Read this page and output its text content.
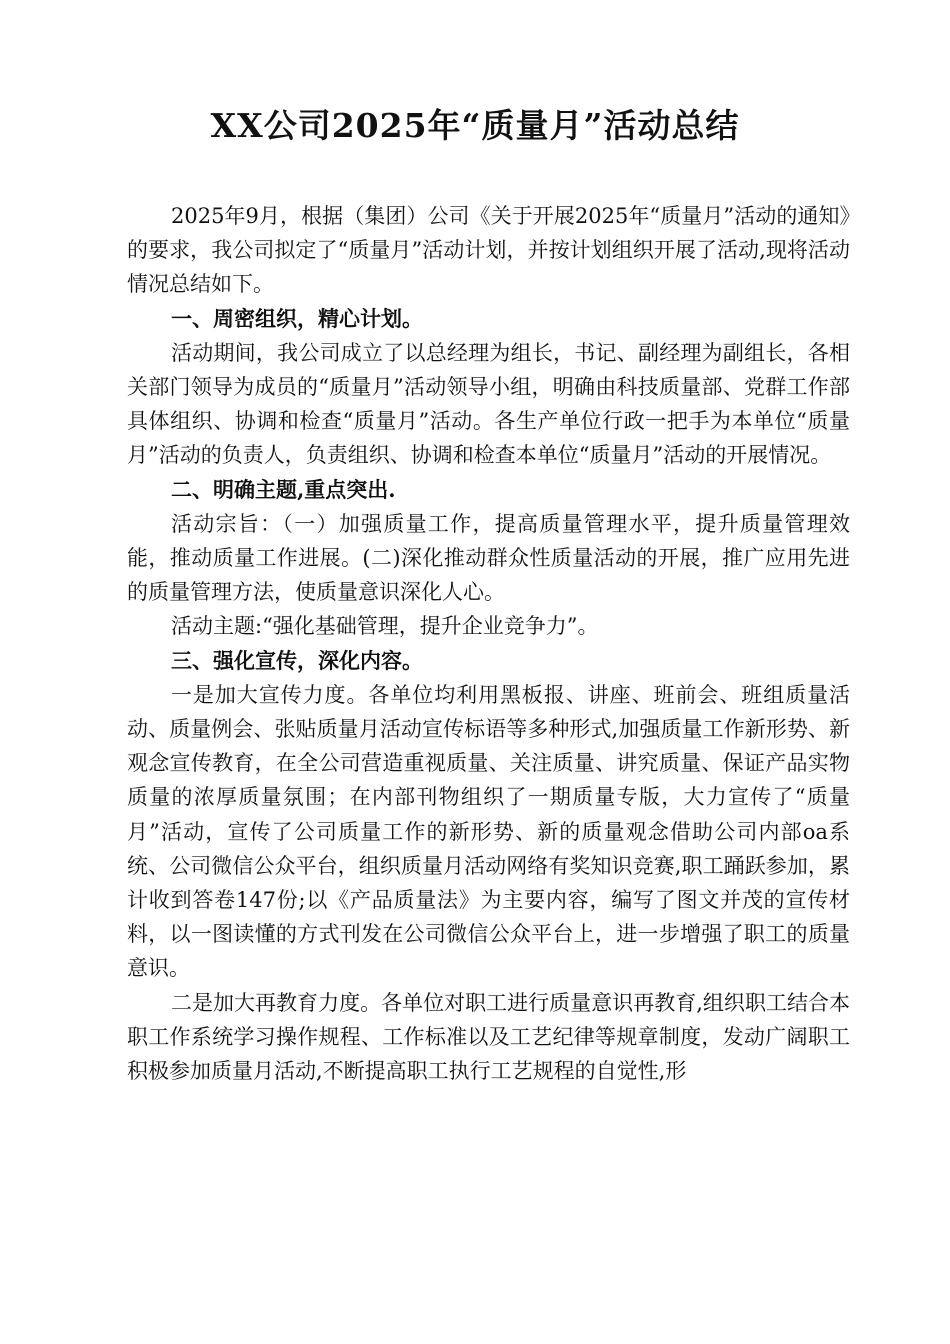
XX公司2025年“质量月”活动总结

2025年9月，根据（集团）公司《关于开展2025年“质量月”活动的通知》的要求，我公司拟定了“质量月”活动计划，并按计划组织开展了活动,现将活动情况总结如下。

一、周密组织，精心计划。

活动期间，我公司成立了以总经理为组长，书记、副经理为副组长，各相关部门领导为成员的“质量月”活动领导小组，明确由科技质量部、党群工作部具体组织、协调和检查“质量月”活动。各生产单位行政一把手为本单位“质量月”活动的负责人，负责组织、协调和检查本单位“质量月”活动的开展情况。

二、明确主题,重点突出.

活动宗旨：（一）加强质量工作，提高质量管理水平，提升质量管理效能，推动质量工作进展。(二)深化推动群众性质量活动的开展，推广应用先进的质量管理方法，使质量意识深化人心。

活动主题:“强化基础管理，提升企业竞争力”。

三、强化宣传，深化内容。

一是加大宣传力度。各单位均利用黑板报、讲座、班前会、班组质量活动、质量例会、张贴质量月活动宣传标语等多种形式,加强质量工作新形势、新观念宣传教育，在全公司营造重视质量、关注质量、讲究质量、保证产品实物质量的浓厚质量氛围；在内部刊物组织了一期质量专版，大力宣传了“质量月”活动，宣传了公司质量工作的新形势、新的质量观念借助公司内部oa系统、公司微信公众平台，组织质量月活动网络有奖知识竞赛,职工踊跃参加，累计收到答卷147份;以《产品质量法》为主要内容，编写了图文并茂的宣传材料，以一图读懂的方式刊发在公司微信公众平台上，进一步增强了职工的质量意识。

二是加大再教育力度。各单位对职工进行质量意识再教育,组织职工结合本职工作系统学习操作规程、工作标准以及工艺纪律等规章制度，发动广阔职工积极参加质量月活动,不断提高职工执行工艺规程的自觉性,形
